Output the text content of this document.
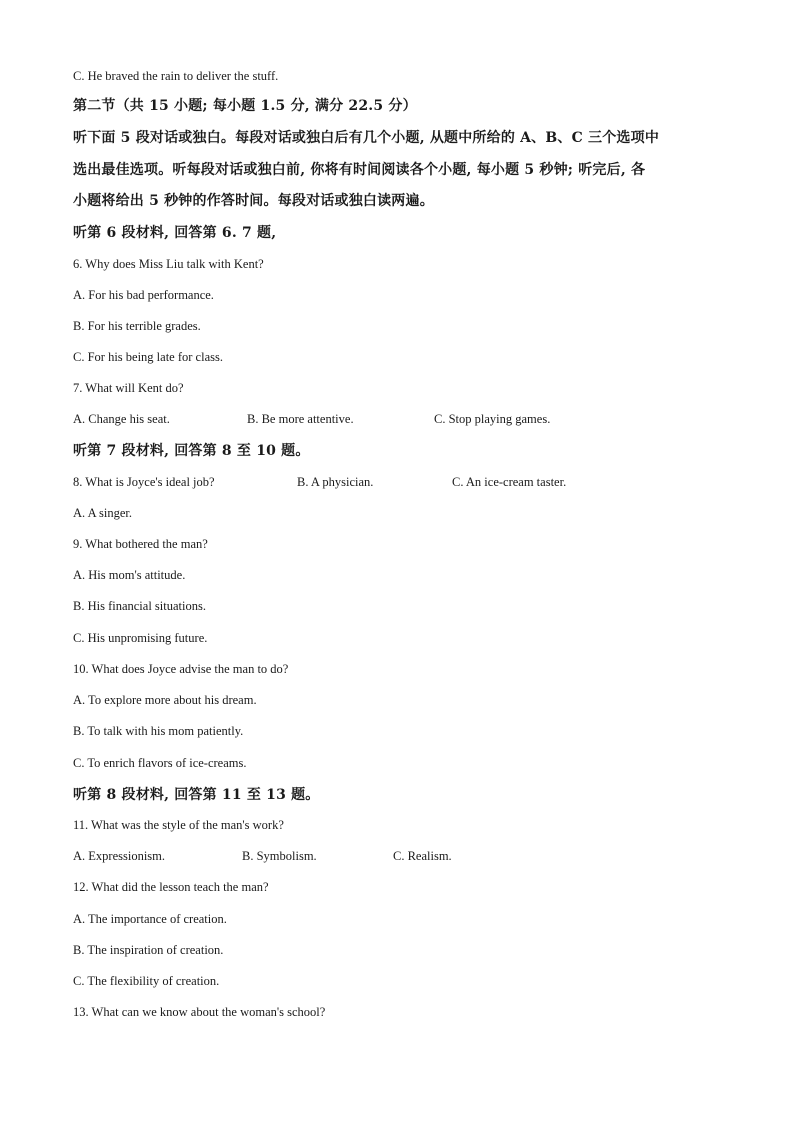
C. He braved the rain to deliver the stuff.
第二节（共 15 小题; 每小题 1.5 分, 满分 22.5 分）
听下面 5 段对话或独白。每段对话或独白后有几个小题, 从题中所给的 A、B、C 三个选项中
选出最佳选项。听每段对话或独白前, 你将有时间阅读各个小题, 每小题 5 秒钟; 听完后, 各
小题将给出 5 秒钟的作答时间。每段对话或独白读两遍。
听第 6 段材料, 回答第 6. 7 题,
6. Why does Miss Liu talk with Kent?
A. For his bad performance.
B. For his terrible grades.
C. For his being late for class.
7. What will Kent do?
A. Change his seat.	B. Be more attentive.	C. Stop playing games.
听第 7 段材料, 回答第 8 至 10 题。
8. What is Joyce's ideal job?	B. A physician.	C. An ice-cream taster.
A. A singer.
9. What bothered the man?
A. His mom's attitude.
B. His financial situations.
C. His unpromising future.
10. What does Joyce advise the man to do?
A. To explore more about his dream.
B. To talk with his mom patiently.
C. To enrich flavors of ice-creams.
听第 8 段材料, 回答第 11 至 13 题。
11. What was the style of the man's work?
A. Expressionism.	B. Symbolism.	C. Realism.
12. What did the lesson teach the man?
A. The importance of creation.
B. The inspiration of creation.
C. The flexibility of creation.
13. What can we know about the woman's school?
